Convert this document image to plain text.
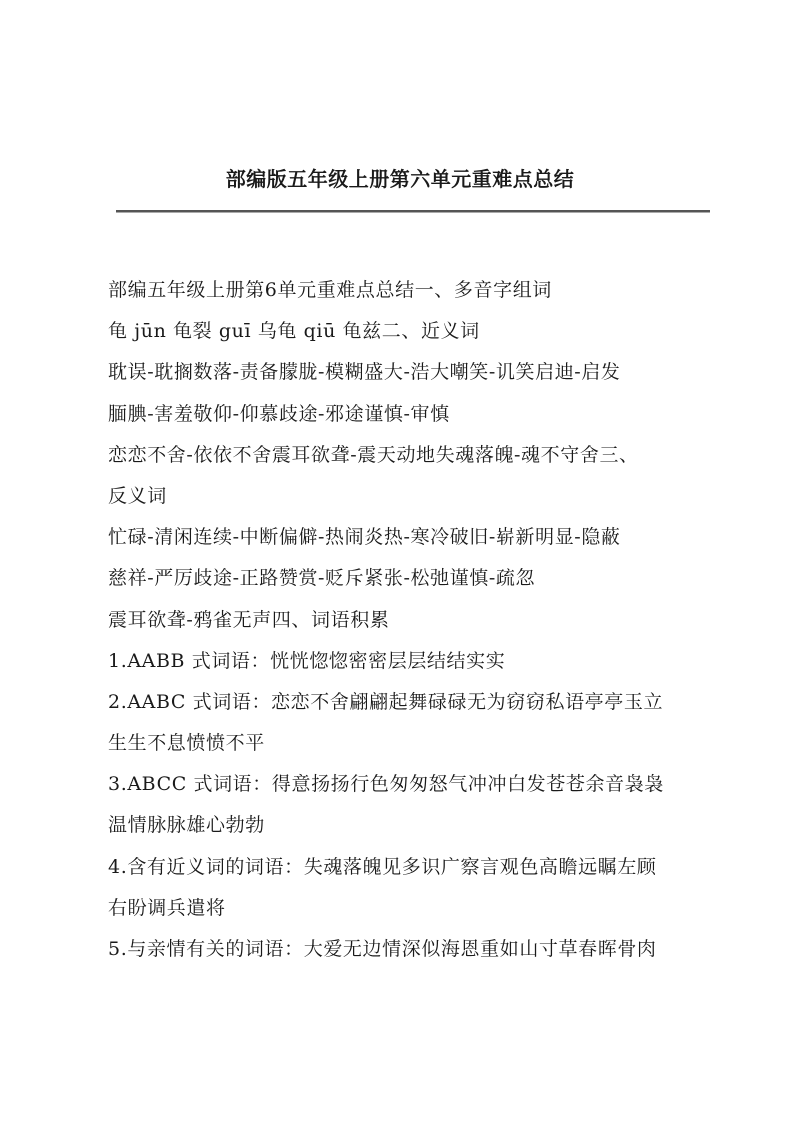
部编版五年级上册第六单元重难点总结
部编五年级上册第6单元重难点总结一、多音字组词
龟 jūn 龟裂 guī 乌龟 qiū 龟兹二、近义词
耽误-耽搁数落-责备朦胧-模糊盛大-浩大嘲笑-讥笑启迪-启发
腼腆-害羞敬仰-仰慕歧途-邪途谨慎-审慎
恋恋不舍-依依不舍震耳欲聋-震天动地失魂落魄-魂不守舍三、
反义词
忙碌-清闲连续-中断偏僻-热闹炎热-寒冷破旧-崭新明显-隐蔽
慈祥-严厉歧途-正路赞赏-贬斥紧张-松弛谨慎-疏忽
震耳欲聋-鸦雀无声四、词语积累
1.AABB 式词语：恍恍惚惚密密层层结结实实
2.AABC 式词语：恋恋不舍翩翩起舞碌碌无为窃窃私语亭亭玉立
生生不息愤愤不平
3.ABCC 式词语：得意扬扬行色匆匆怒气冲冲白发苍苍余音袅袅
温情脉脉雄心勃勃
4.含有近义词的词语：失魂落魄见多识广察言观色高瞻远瞩左顾
右盼调兵遣将
5.与亲情有关的词语：大爱无边情深似海恩重如山寸草春晖骨肉
